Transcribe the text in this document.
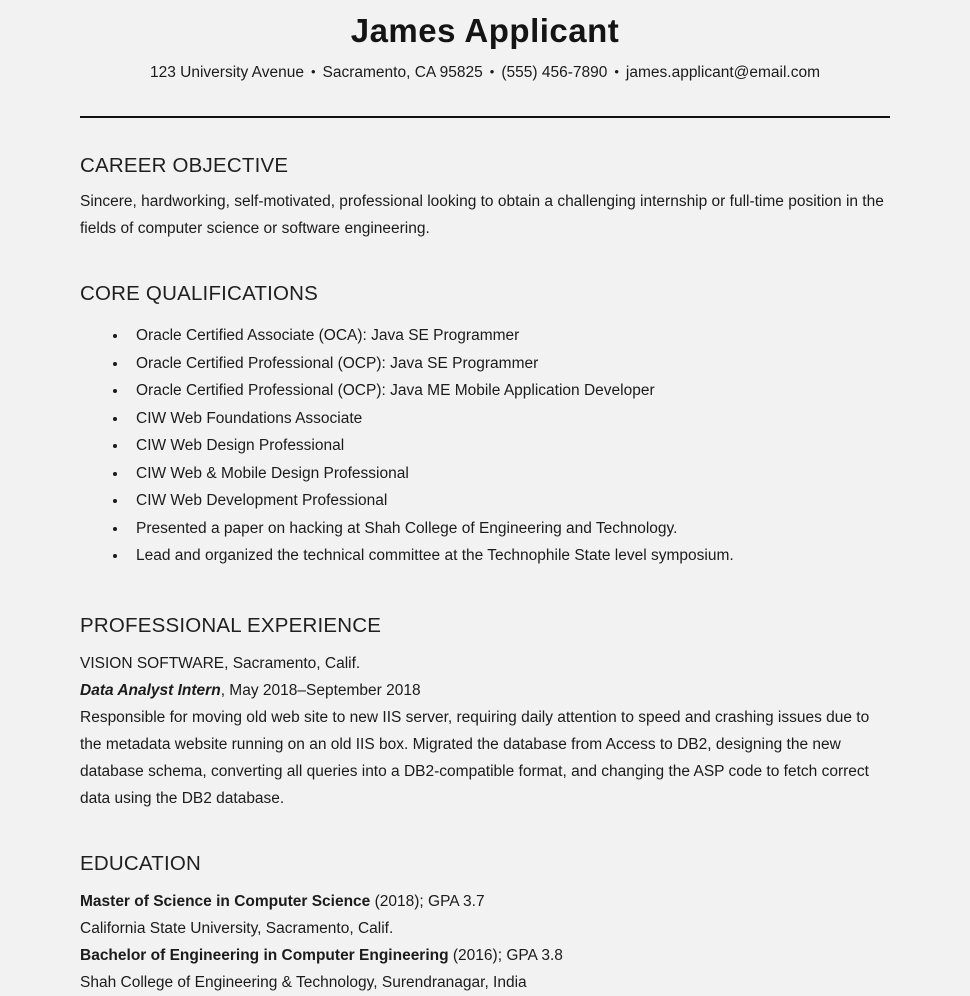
James Applicant
123 University Avenue • Sacramento, CA 95825 • (555) 456-7890 • james.applicant@email.com
CAREER OBJECTIVE
Sincere, hardworking, self-motivated, professional looking to obtain a challenging internship or full-time position in the fields of computer science or software engineering.
CORE QUALIFICATIONS
• Oracle Certified Associate (OCA): Java SE Programmer
• Oracle Certified Professional (OCP): Java SE Programmer
• Oracle Certified Professional (OCP): Java ME Mobile Application Developer
• CIW Web Foundations Associate
• CIW Web Design Professional
• CIW Web & Mobile Design Professional
• CIW Web Development Professional
• Presented a paper on hacking at Shah College of Engineering and Technology.
• Lead and organized the technical committee at the Technophile State level symposium.
PROFESSIONAL EXPERIENCE
VISION SOFTWARE, Sacramento, Calif.
Data Analyst Intern, May 2018–September 2018
Responsible for moving old web site to new IIS server, requiring daily attention to speed and crashing issues due to the metadata website running on an old IIS box. Migrated the database from Access to DB2, designing the new database schema, converting all queries into a DB2-compatible format, and changing the ASP code to fetch correct data using the DB2 database.
EDUCATION
Master of Science in Computer Science (2018); GPA 3.7
California State University, Sacramento, Calif.
Bachelor of Engineering in Computer Engineering (2016); GPA 3.8
Shah College of Engineering & Technology, Surendranagar, India
